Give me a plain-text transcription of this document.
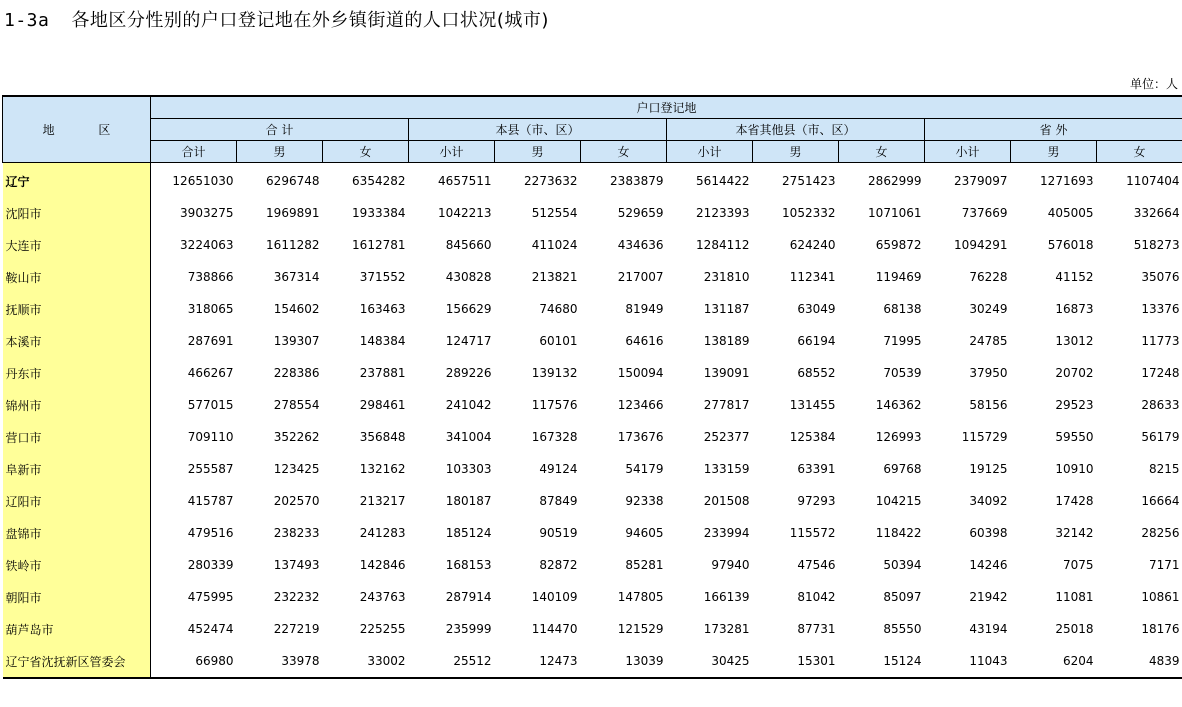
1-3a 各地区分性别的户口登记地在外乡镇街道的人口状况(城市)
单位：人
地 区	户口登记地											
	合 计			本县（市、区）			本省其他县（市、区）			省 外		
	合计	男	女	小计	男	女	小计	男	女	小计	男	女
辽宁	12651030	6296748	6354282	4657511	2273632	2383879	5614422	2751423	2862999	2379097	1271693	1107404
沈阳市	3903275	1969891	1933384	1042213	512554	529659	2123393	1052332	1071061	737669	405005	332664
大连市	3224063	1611282	1612781	845660	411024	434636	1284112	624240	659872	1094291	576018	518273
鞍山市	738866	367314	371552	430828	213821	217007	231810	112341	119469	76228	41152	35076
抚顺市	318065	154602	163463	156629	74680	81949	131187	63049	68138	30249	16873	13376
本溪市	287691	139307	148384	124717	60101	64616	138189	66194	71995	24785	13012	11773
丹东市	466267	228386	237881	289226	139132	150094	139091	68552	70539	37950	20702	17248
锦州市	577015	278554	298461	241042	117576	123466	277817	131455	146362	58156	29523	28633
营口市	709110	352262	356848	341004	167328	173676	252377	125384	126993	115729	59550	56179
阜新市	255587	123425	132162	103303	49124	54179	133159	63391	69768	19125	10910	8215
辽阳市	415787	202570	213217	180187	87849	92338	201508	97293	104215	34092	17428	16664
盘锦市	479516	238233	241283	185124	90519	94605	233994	115572	118422	60398	32142	28256
铁岭市	280339	137493	142846	168153	82872	85281	97940	47546	50394	14246	7075	7171
朝阳市	475995	232232	243763	287914	140109	147805	166139	81042	85097	21942	11081	10861
葫芦岛市	452474	227219	225255	235999	114470	121529	173281	87731	85550	43194	25018	18176
辽宁省沈抚新区管委会	66980	33978	33002	25512	12473	13039	30425	15301	15124	11043	6204	4839
